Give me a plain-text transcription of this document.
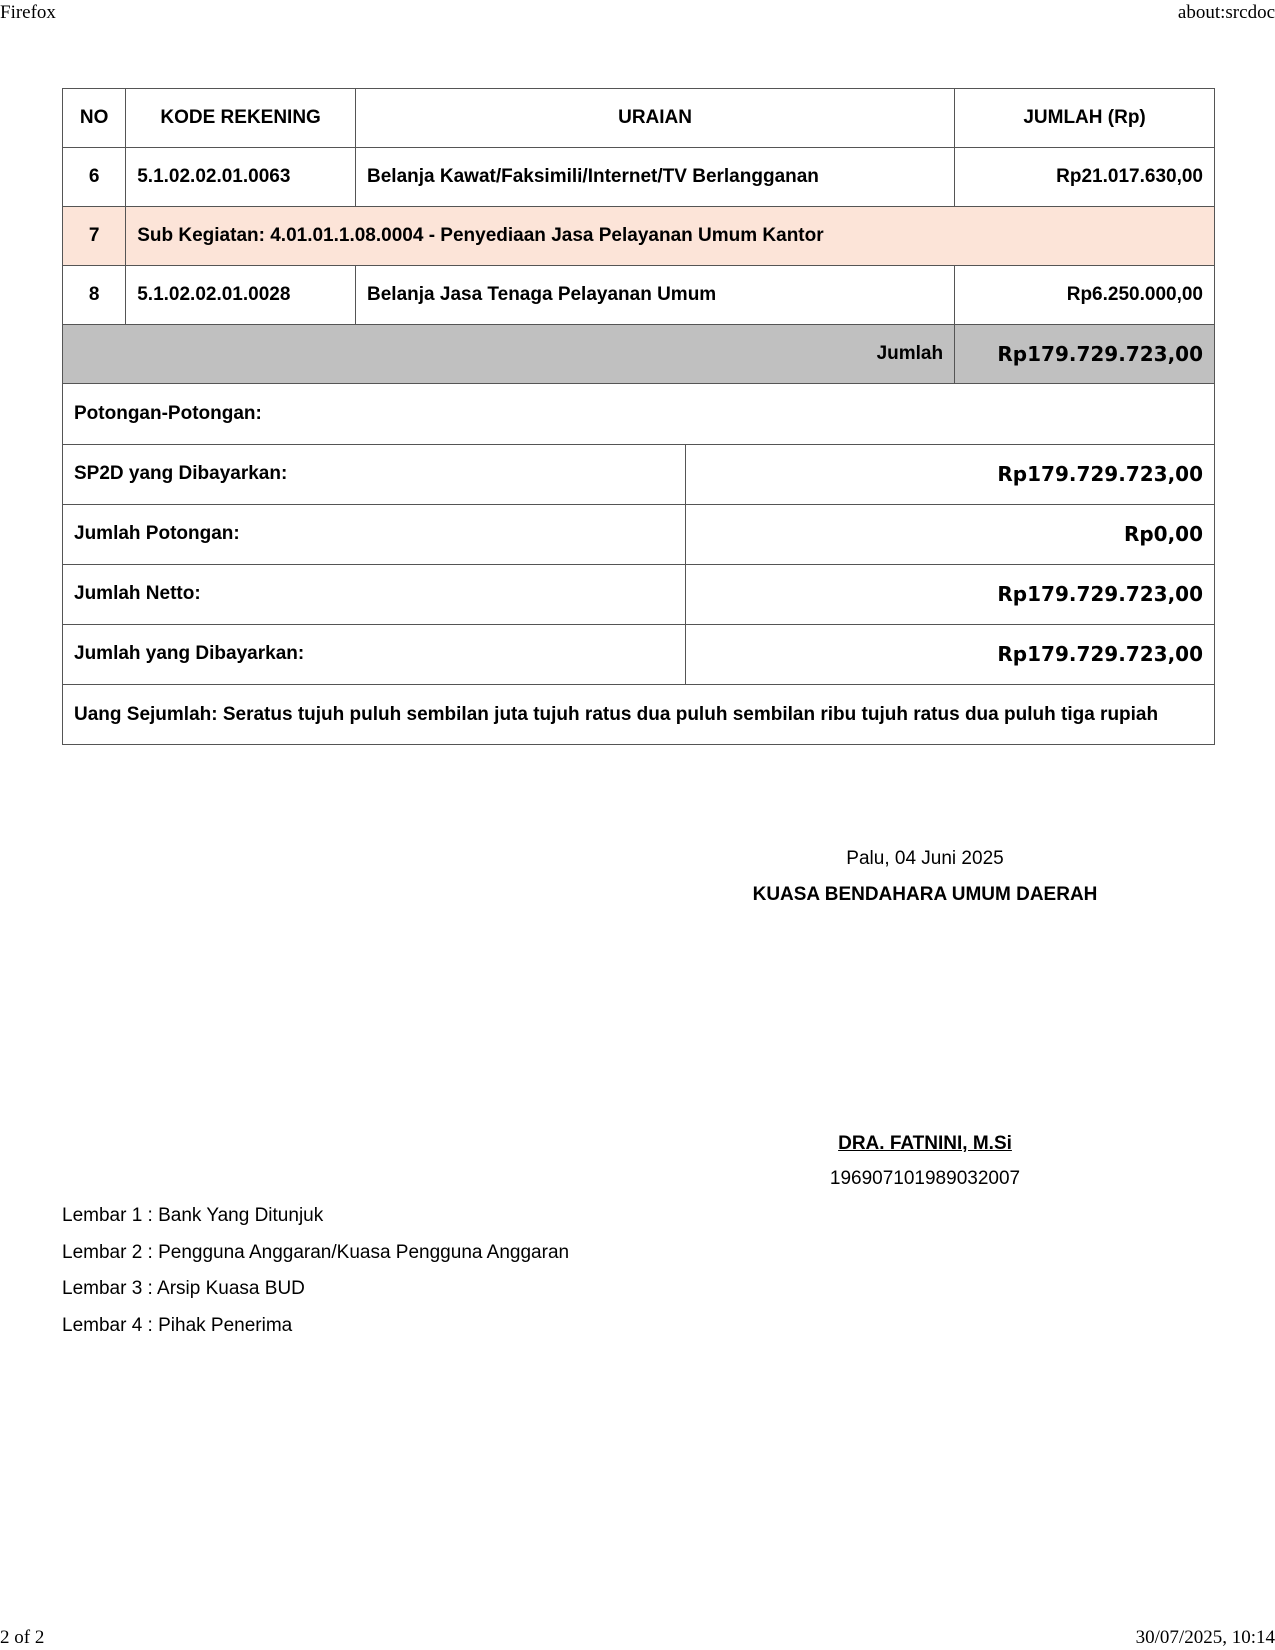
Firefox	about:srcdoc
NO	KODE REKENING	URAIAN	JUMLAH (Rp)
6	5.1.02.02.01.0063	Belanja Kawat/Faksimili/Internet/TV Berlangganan	Rp21.017.630,00
7	Sub Kegiatan: 4.01.01.1.08.0004 - Penyediaan Jasa Pelayanan Umum Kantor		
8	5.1.02.02.01.0028	Belanja Jasa Tenaga Pelayanan Umum	Rp6.250.000,00
Jumlah			Rp179.729.723,00
Potongan-Potongan:	
SP2D yang Dibayarkan:	Rp179.729.723,00
Jumlah Potongan:	Rp0,00
Jumlah Netto:	Rp179.729.723,00
Jumlah yang Dibayarkan:	Rp179.729.723,00
Uang Sejumlah: Seratus tujuh puluh sembilan juta tujuh ratus dua puluh sembilan ribu tujuh ratus dua puluh tiga rupiah	
Palu, 04 Juni 2025
KUASA BENDAHARA UMUM DAERAH
DRA. FATNINI, M.Si
196907101989032007
Lembar 1 : Bank Yang Ditunjuk
Lembar 2 : Pengguna Anggaran/Kuasa Pengguna Anggaran
Lembar 3 : Arsip Kuasa BUD
Lembar 4 : Pihak Penerima
2 of 2	30/07/2025, 10:14
